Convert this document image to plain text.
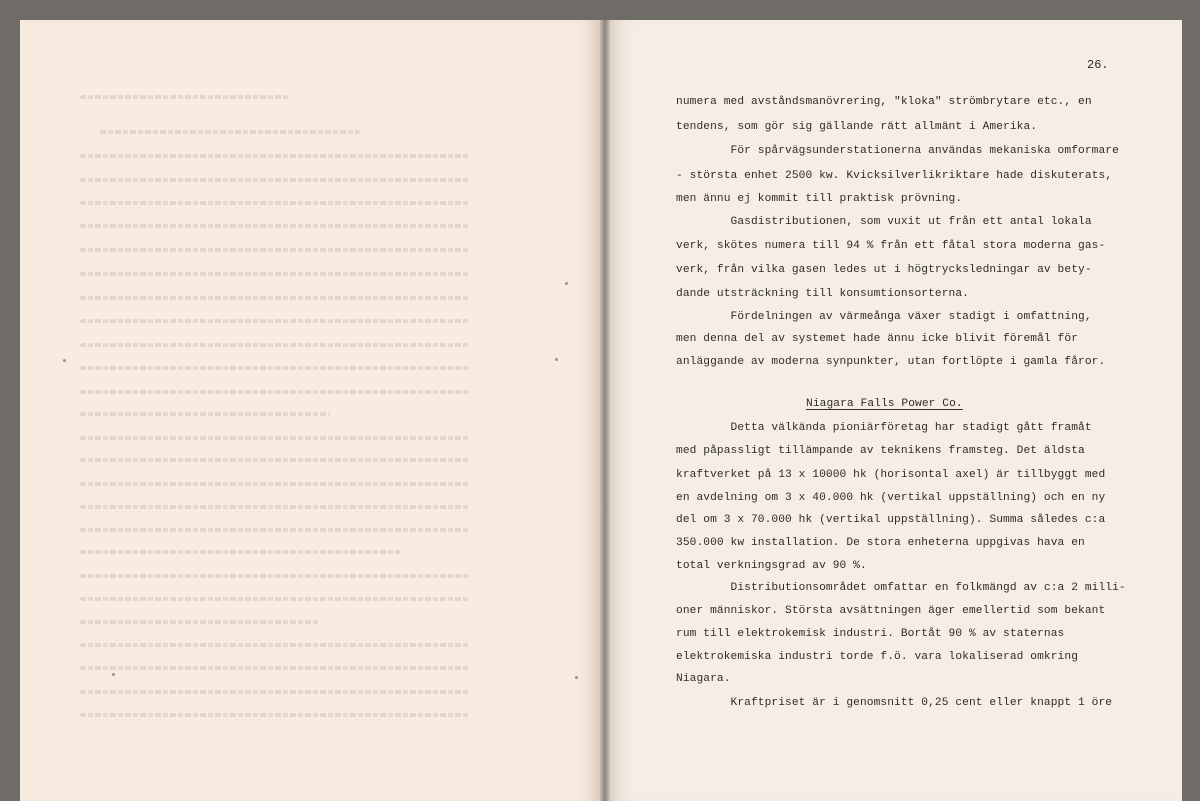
26.
numera med avståndsmanövrering, "kloka" strömbrytare etc., en
tendens, som gör sig gällande rätt allmänt i Amerika.
För spårvägsunderstationerna användas mekaniska omformare
- största enhet 2500 kw. Kvicksilverlikriktare hade diskuterats,
men ännu ej kommit till praktisk prövning.
Gasdistributionen, som vuxit ut från ett antal lokala
verk, skötes numera till 94 % från ett fåtal stora moderna gas-
verk, från vilka gasen ledes ut i högtrycksledningar av bety-
dande utsträckning till konsumtionsorterna.
Fördelningen av värmeånga växer stadigt i omfattning,
men denna del av systemet hade ännu icke blivit föremål för
anläggande av moderna synpunkter, utan fortlöpte i gamla fåror.
Niagara Falls Power Co.
Detta välkända pioniärföretag har stadigt gått framåt
med påpassligt tillämpande av teknikens framsteg. Det äldsta
kraftverket på 13 x 10000 hk (horisontal axel) är tillbyggt med
en avdelning om 3 x 40.000 hk (vertikal uppställning) och en ny
del om 3 x 70.000 hk (vertikal uppställning). Summa således c:a
350.000 kw installation. De stora enheterna uppgivas hava en
total verkningsgrad av 90 %.
Distributionsområdet omfattar en folkmängd av c:a 2 milli-
oner människor. Största avsättningen äger emellertid som bekant
rum till elektrokemisk industri. Bortåt 90 % av staternas
elektrokemiska industri torde f.ö. vara lokaliserad omkring
Niagara.
Kraftpriset är i genomsnitt 0,25 cent eller knappt 1 öre
